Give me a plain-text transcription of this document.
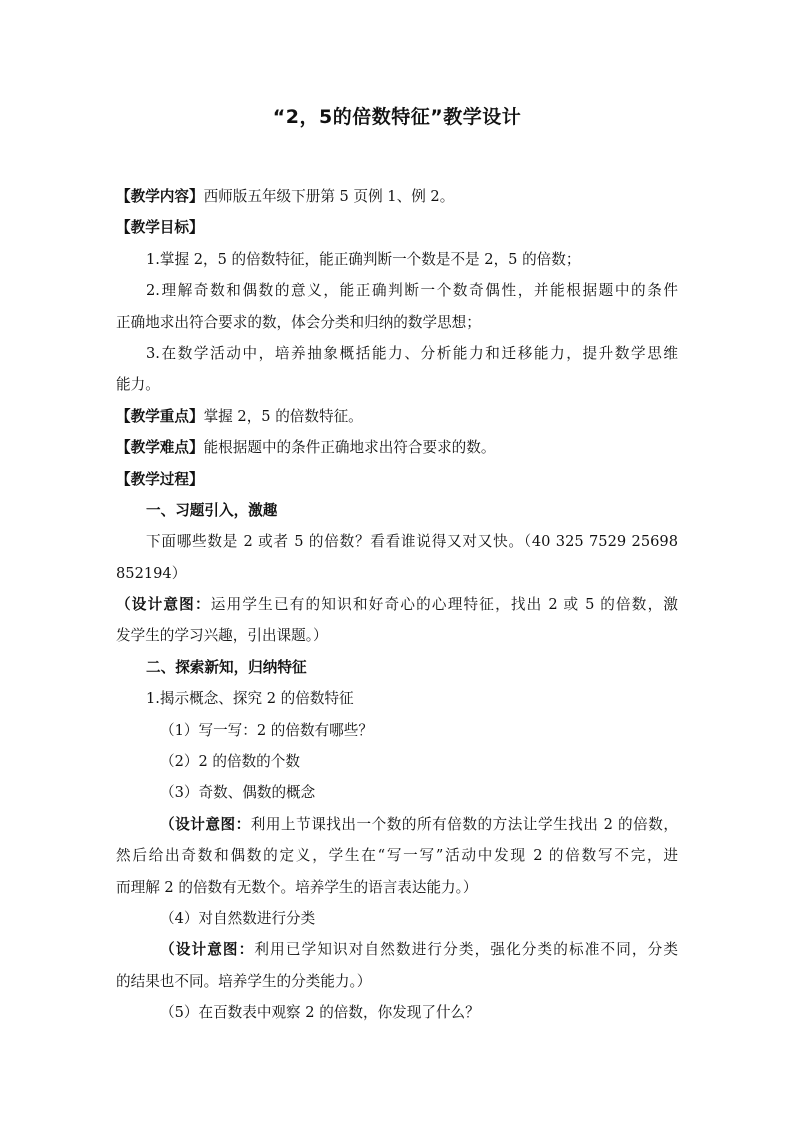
“2，5的倍数特征”教学设计
【教学内容】西师版五年级下册第 5 页例 1、例 2。
【教学目标】
1.掌握 2，5 的倍数特征，能正确判断一个数是不是 2，5 的倍数；
2.理解奇数和偶数的意义，能正确判断一个数奇偶性，并能根据题中的条件
正确地求出符合要求的数，体会分类和归纳的数学思想；
3.在数学活动中，培养抽象概括能力、分析能力和迁移能力，提升数学思维
能力。
【教学重点】掌握 2，5 的倍数特征。
【教学难点】能根据题中的条件正确地求出符合要求的数。
【教学过程】
一、习题引入，激趣
下面哪些数是 2 或者 5 的倍数？看看谁说得又对又快。（40 325 7529 25698
852194）
（设计意图：运用学生已有的知识和好奇心的心理特征，找出 2 或 5 的倍数，激
发学生的学习兴趣，引出课题。）
二、探索新知，归纳特征
1.揭示概念、探究 2 的倍数特征
（1）写一写：2 的倍数有哪些？
（2）2 的倍数的个数
（3）奇数、偶数的概念
（设计意图：利用上节课找出一个数的所有倍数的方法让学生找出 2 的倍数，
然后给出奇数和偶数的定义，学生在“写一写”活动中发现 2 的倍数写不完，进
而理解 2 的倍数有无数个。培养学生的语言表达能力。）
（4）对自然数进行分类
（设计意图：利用已学知识对自然数进行分类，强化分类的标准不同，分类
的结果也不同。培养学生的分类能力。）
（5）在百数表中观察 2 的倍数，你发现了什么？
